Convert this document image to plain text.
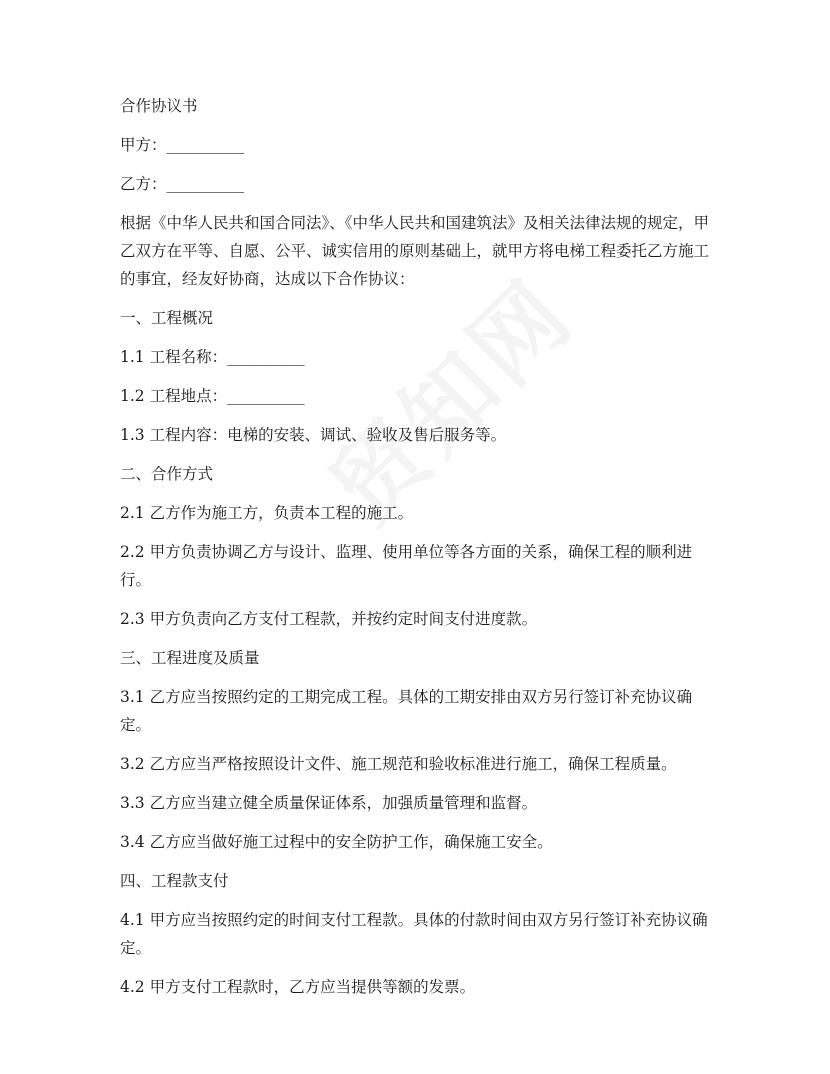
合作协议书

甲方：__________

乙方：__________

根据《中华人民共和国合同法》、《中华人民共和国建筑法》及相关法律法规的规定，甲乙双方在平等、自愿、公平、诚实信用的原则基础上，就甲方将电梯工程委托乙方施工的事宜，经友好协商，达成以下合作协议：

一、工程概况

1.1 工程名称：__________

1.2 工程地点：__________

1.3 工程内容：电梯的安装、调试、验收及售后服务等。

二、合作方式

2.1 乙方作为施工方，负责本工程的施工。

2.2 甲方负责协调乙方与设计、监理、使用单位等各方面的关系，确保工程的顺利进行。

2.3 甲方负责向乙方支付工程款，并按约定时间支付进度款。

三、工程进度及质量

3.1 乙方应当按照约定的工期完成工程。具体的工期安排由双方另行签订补充协议确定。

3.2 乙方应当严格按照设计文件、施工规范和验收标准进行施工，确保工程质量。

3.3 乙方应当建立健全质量保证体系，加强质量管理和监督。

3.4 乙方应当做好施工过程中的安全防护工作，确保施工安全。

四、工程款支付

4.1 甲方应当按照约定的时间支付工程款。具体的付款时间由双方另行签订补充协议确定。

4.2 甲方支付工程款时，乙方应当提供等额的发票。
